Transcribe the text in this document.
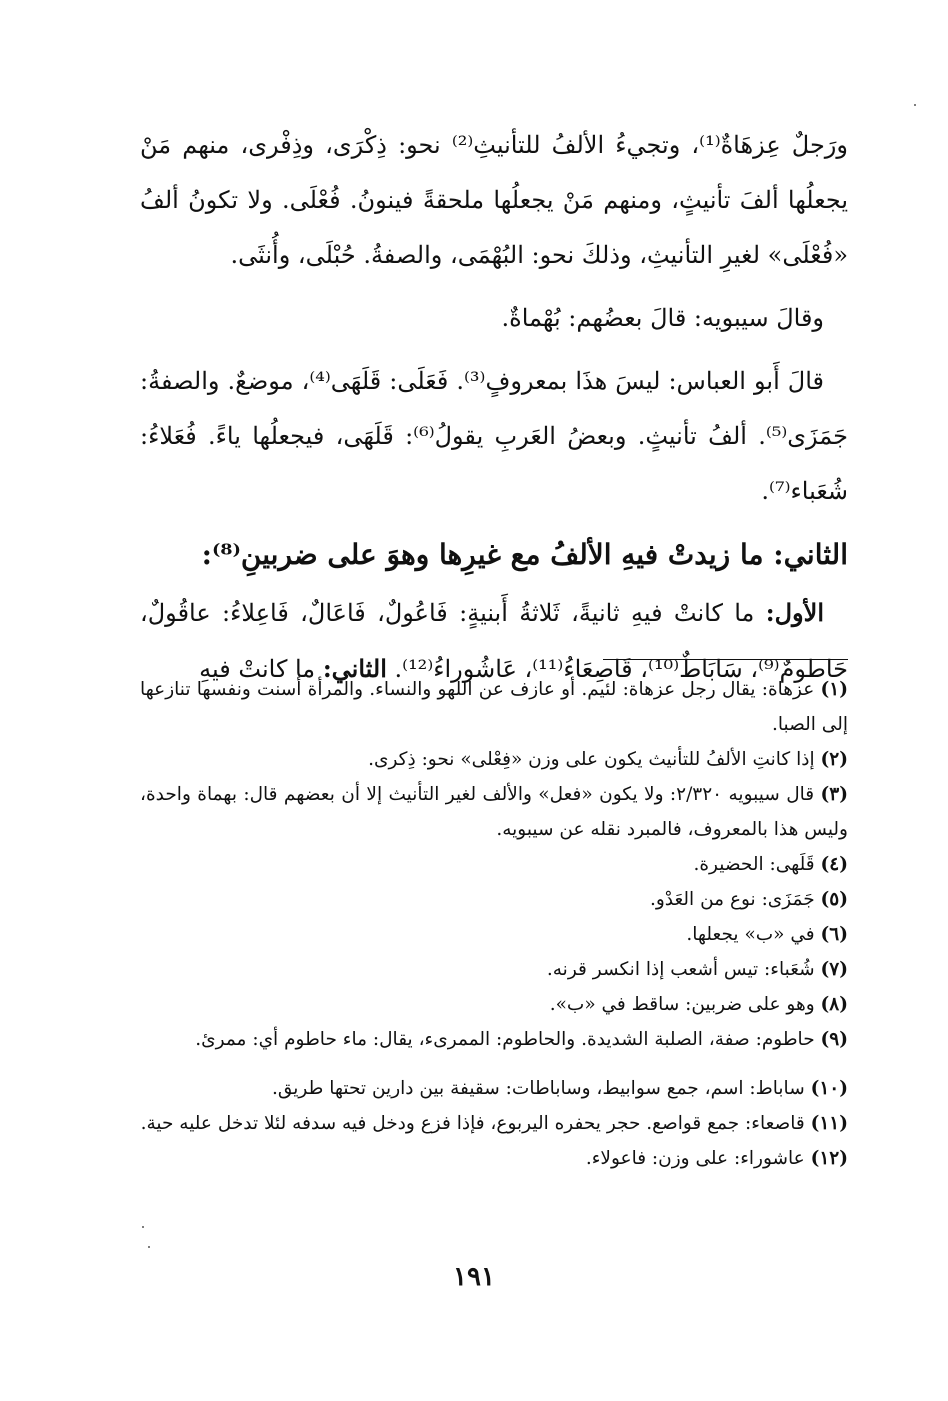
ورَجلٌ عِزهَاةٌ⁽¹⁾، وتجيءُ الألفُ للتأنيثِ⁽²⁾ نحو: ذِكْرَى، وذِفْرى، منهم مَنْ يجعلُها ألفَ تأنيثٍ، ومنهم مَنْ يجعلُها ملحقةً فينونُ. فُعْلَى. ولا تكونُ ألفُ «فُعْلَى» لغيرِ التأنيثِ، وذلكَ نحو: البُهْمَى، والصفةُ. حُبْلَى، وأُنثَى.

وقالَ سيبويه: قالَ بعضُهم: بُهْماةٌ.

قالَ أَبو العباس: ليسَ هذَا بمعروفٍ⁽³⁾. فَعَلَى: قَلَهَى⁽⁴⁾، موضعٌ. والصفةُ: جَمَزَى⁽⁵⁾. ألفُ تأنيثٍ. وبعضُ العَربِ يقولُ⁽⁶⁾: قَلَهَى، فيجعلُها ياءً. فُعَلاءُ: شُعَباء⁽⁷⁾.

الثاني: ما زيدتْ فيهِ الألفُ مع غيرِها وهوَ على ضربينِ⁽⁸⁾:

الأول: ما كانتْ فيهِ ثانيةً، ثَلاثةُ أَبنيةٍ: فَاعُولٌ، فَاعَالٌ، فَاعِلاءُ: عاقُولٌ، حَاطومٌ⁽⁹⁾، سَابَاطٌ⁽¹⁰⁾، قَاصِعَاءُ⁽¹¹⁾، عَاشُوراءُ⁽¹²⁾. الثاني: ما كانتْ فيهِ

(١) عزهاة: يقال رجل عزهاة: لئيم. أو عازف عن اللهو والنساء. والمرأة أسنت ونفسها تنازعها إلى الصبا.

(٢) إذا كانتِ الألفُ للتأنيث يكون على وزن «فِعْلى» نحو: ذِكرى.

(٣) قال سيبويه ٢/٣٢٠: ولا يكون «فعل» والألف لغير التأنيث إلا أن بعضهم قال: بهماة واحدة، وليس هذا بالمعروف، فالمبرد نقله عن سيبويه.

(٤) قَلَهى: الحضيرة.

(٥) جَمَزَى: نوع من العَدْو.

(٦) في «ب» يجعلها.

(٧) شُعَباء: تيس أشعب إذا انكسر قرنه.

(٨) وهو على ضربين: ساقط في «ب».

(٩) حاطوم: صفة، الصلبة الشديدة. والحاطوم: الممرىء، يقال: ماء حاطوم أي: ممرئ.

(١٠) ساباط: اسم، جمع سوابيط، وساباطات: سقيفة بين دارين تحتها طريق.

(١١) قاصعاء: جمع قواصع. حجر يحفره اليربوع، فإذا فزع ودخل فيه سدفه لئلا تدخل عليه حية.

(١٢) عاشوراء: على وزن: فاعولاء.

١٩١
